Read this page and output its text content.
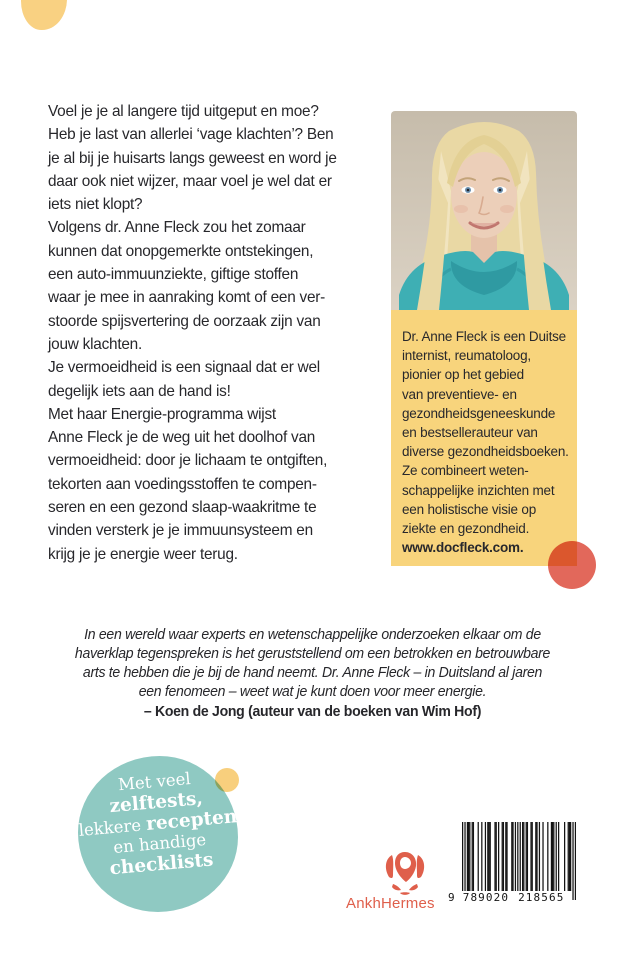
Voel je je al langere tijd uitgeput en moe?
Heb je last van allerlei ‘vage klachten’? Ben
je al bij je huisarts langs geweest en word je
daar ook niet wijzer, maar voel je wel dat er
iets niet klopt?
Volgens dr. Anne Fleck zou het zomaar
kunnen dat onopgemerkte ontstekingen,
een auto-immuunziekte, giftige stoffen
waar je mee in aanraking komt of een ver-
stoorde spijsvertering de oorzaak zijn van
jouw klachten.
Je vermoeidheid is een signaal dat er wel
degelijk iets aan de hand is!
Met haar Energie-programma wijst
Anne Fleck je de weg uit het doolhof van
vermoeidheid: door je lichaam te ontgiften,
tekorten aan voedingsstoffen te compen-
seren en een gezond slaap-waakritme te
vinden versterk je je immuunsysteem en
krijg je je energie weer terug.
Dr. Anne Fleck is een Duitse
internist, reumatoloog,
pionier op het gebied
van preventieve- en
gezondheidsgeneeskunde
en bestsellerauteur van
diverse gezondheidsboeken.
Ze combineert weten-
schappelijke inzichten met
een holistische visie op
ziekte en gezondheid.
www.docfleck.com.
In een wereld waar experts en wetenschappelijke onderzoeken elkaar om de
haverklap tegenspreken is het geruststellend om een betrokken en betrouwbare
arts te hebben die je bij de hand neemt. Dr. Anne Fleck – in Duitsland al jaren
een fenomeen – weet wat je kunt doen voor meer energie.
– Koen de Jong (auteur van de boeken van Wim Hof)
Met veel
zelftests,
lekkere recepten
en handige
checklists
AnkhHermes	9 789020 218565
